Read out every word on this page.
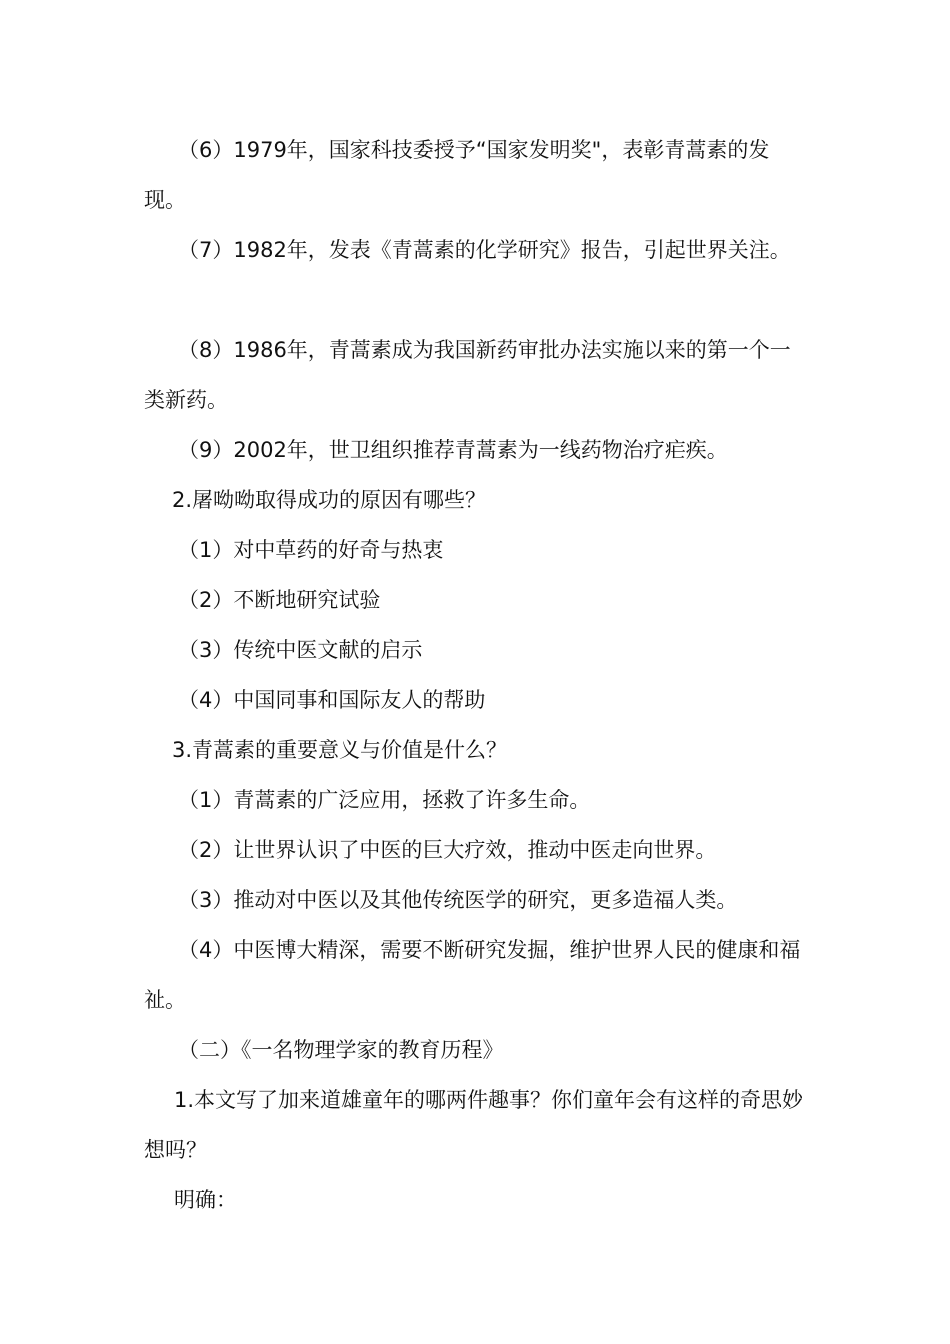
（6）1979年，国家科技委授予“国家发明奖"，表彰青蒿素的发现。

（7）1982年，发表《青蒿素的化学研究》报告，引起世界关注。

（8）1986年，青蒿素成为我国新药审批办法实施以来的第一个一类新药。

（9）2002年，世卫组织推荐青蒿素为一线药物治疗疟疾。

2.屠呦呦取得成功的原因有哪些？

（1）对中草药的好奇与热衷

（2）不断地研究试验

（3）传统中医文献的启示

（4）中国同事和国际友人的帮助

3.青蒿素的重要意义与价值是什么？

（1）青蒿素的广泛应用，拯救了许多生命。

（2）让世界认识了中医的巨大疗效，推动中医走向世界。

（3）推动对中医以及其他传统医学的研究，更多造福人类。

（4）中医博大精深，需要不断研究发掘，维护世界人民的健康和福祉。

（二）《一名物理学家的教育历程》

1.本文写了加来道雄童年的哪两件趣事？你们童年会有这样的奇思妙想吗？

明确：
